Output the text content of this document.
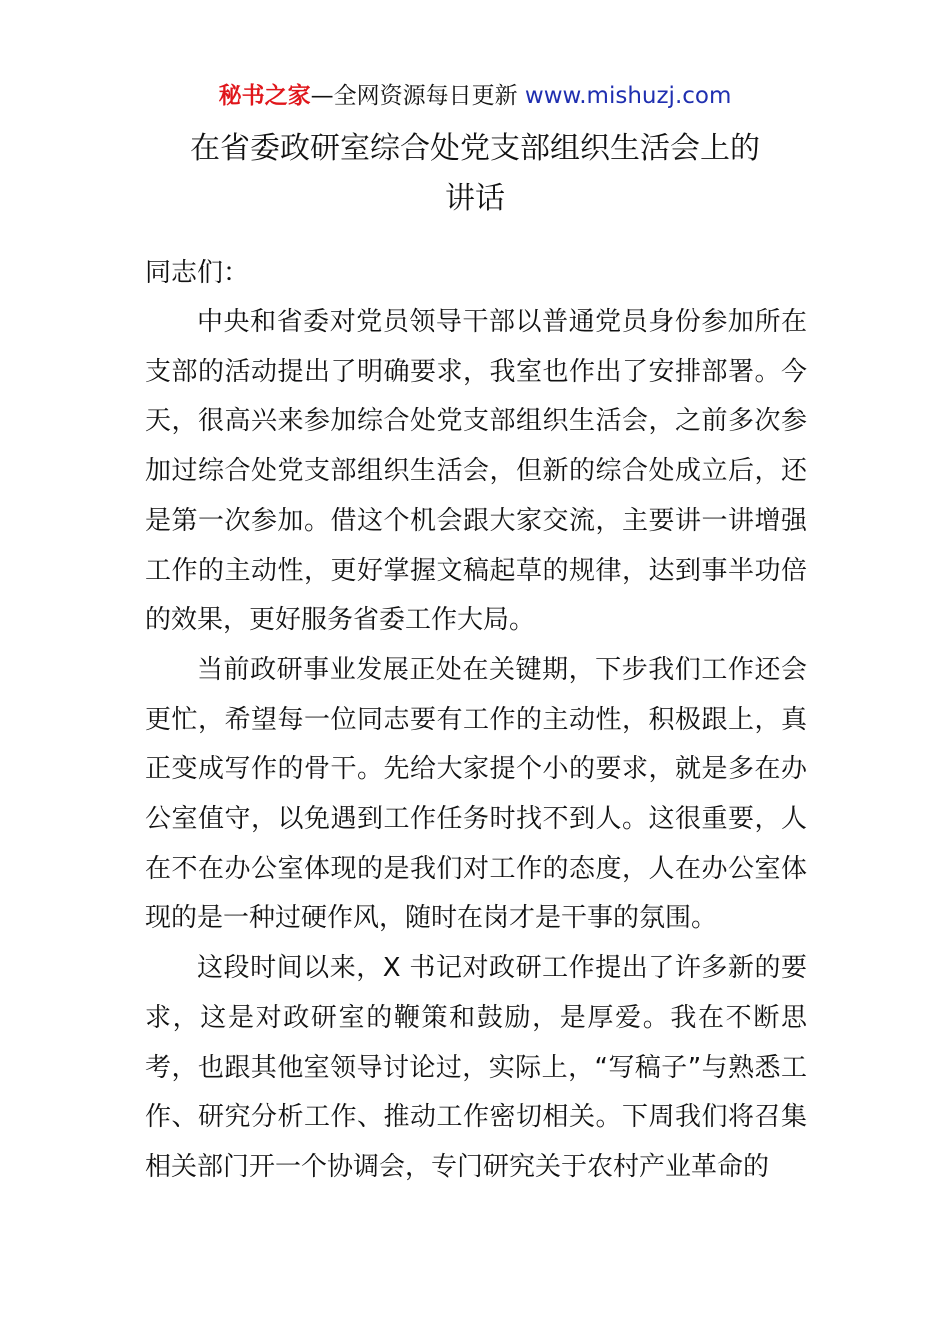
秘书之家—全网资源每日更新 www.mishuzj.com
在省委政研室综合处党支部组织生活会上的
讲话

同志们：

中央和省委对党员领导干部以普通党员身份参加所在支部的活动提出了明确要求，我室也作出了安排部署。今天，很高兴来参加综合处党支部组织生活会，之前多次参加过综合处党支部组织生活会，但新的综合处成立后，还是第一次参加。借这个机会跟大家交流，主要讲一讲增强工作的主动性，更好掌握文稿起草的规律，达到事半功倍的效果，更好服务省委工作大局。

当前政研事业发展正处在关键期，下步我们工作还会更忙，希望每一位同志要有工作的主动性，积极跟上，真正变成写作的骨干。先给大家提个小的要求，就是多在办公室值守，以免遇到工作任务时找不到人。这很重要，人在不在办公室体现的是我们对工作的态度，人在办公室体现的是一种过硬作风，随时在岗才是干事的氛围。

这段时间以来，X 书记对政研工作提出了许多新的要求，这是对政研室的鞭策和鼓励，是厚爱。我在不断思考，也跟其他室领导讨论过，实际上，“写稿子”与熟悉工作、研究分析工作、推动工作密切相关。下周我们将召集相关部门开一个协调会，专门研究关于农村产业革命的
